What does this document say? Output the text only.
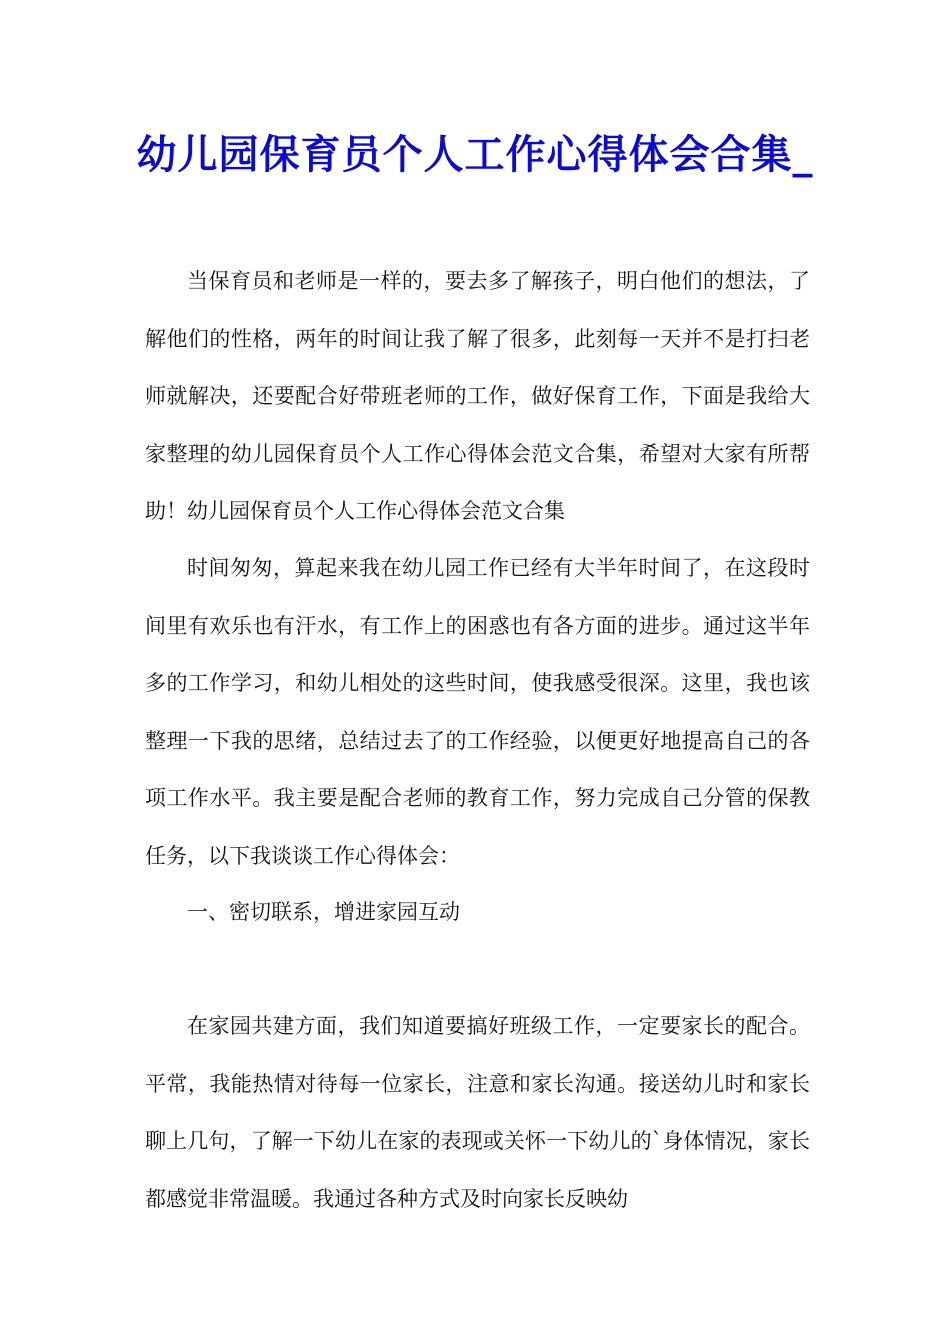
幼儿园保育员个人工作心得体会合集_

当保育员和老师是一样的，要去多了解孩子，明白他们的想法，了解他们的性格，两年的时间让我了解了很多，此刻每一天并不是打扫老师就解决，还要配合好带班老师的工作，做好保育工作，下面是我给大家整理的幼儿园保育员个人工作心得体会范文合集，希望对大家有所帮助！幼儿园保育员个人工作心得体会范文合集

时间匆匆，算起来我在幼儿园工作已经有大半年时间了，在这段时间里有欢乐也有汗水，有工作上的困惑也有各方面的进步。通过这半年多的工作学习，和幼儿相处的这些时间，使我感受很深。这里，我也该整理一下我的思绪，总结过去了的工作经验，以便更好地提高自己的各项工作水平。我主要是配合老师的教育工作，努力完成自己分管的保教任务，以下我谈谈工作心得体会：

一、密切联系，增进家园互动

在家园共建方面，我们知道要搞好班级工作，一定要家长的配合。平常，我能热情对待每一位家长，注意和家长沟通。接送幼儿时和家长聊上几句，了解一下幼儿在家的表现或关怀一下幼儿的`身体情况，家长都感觉非常温暖。我通过各种方式及时向家长反映幼
